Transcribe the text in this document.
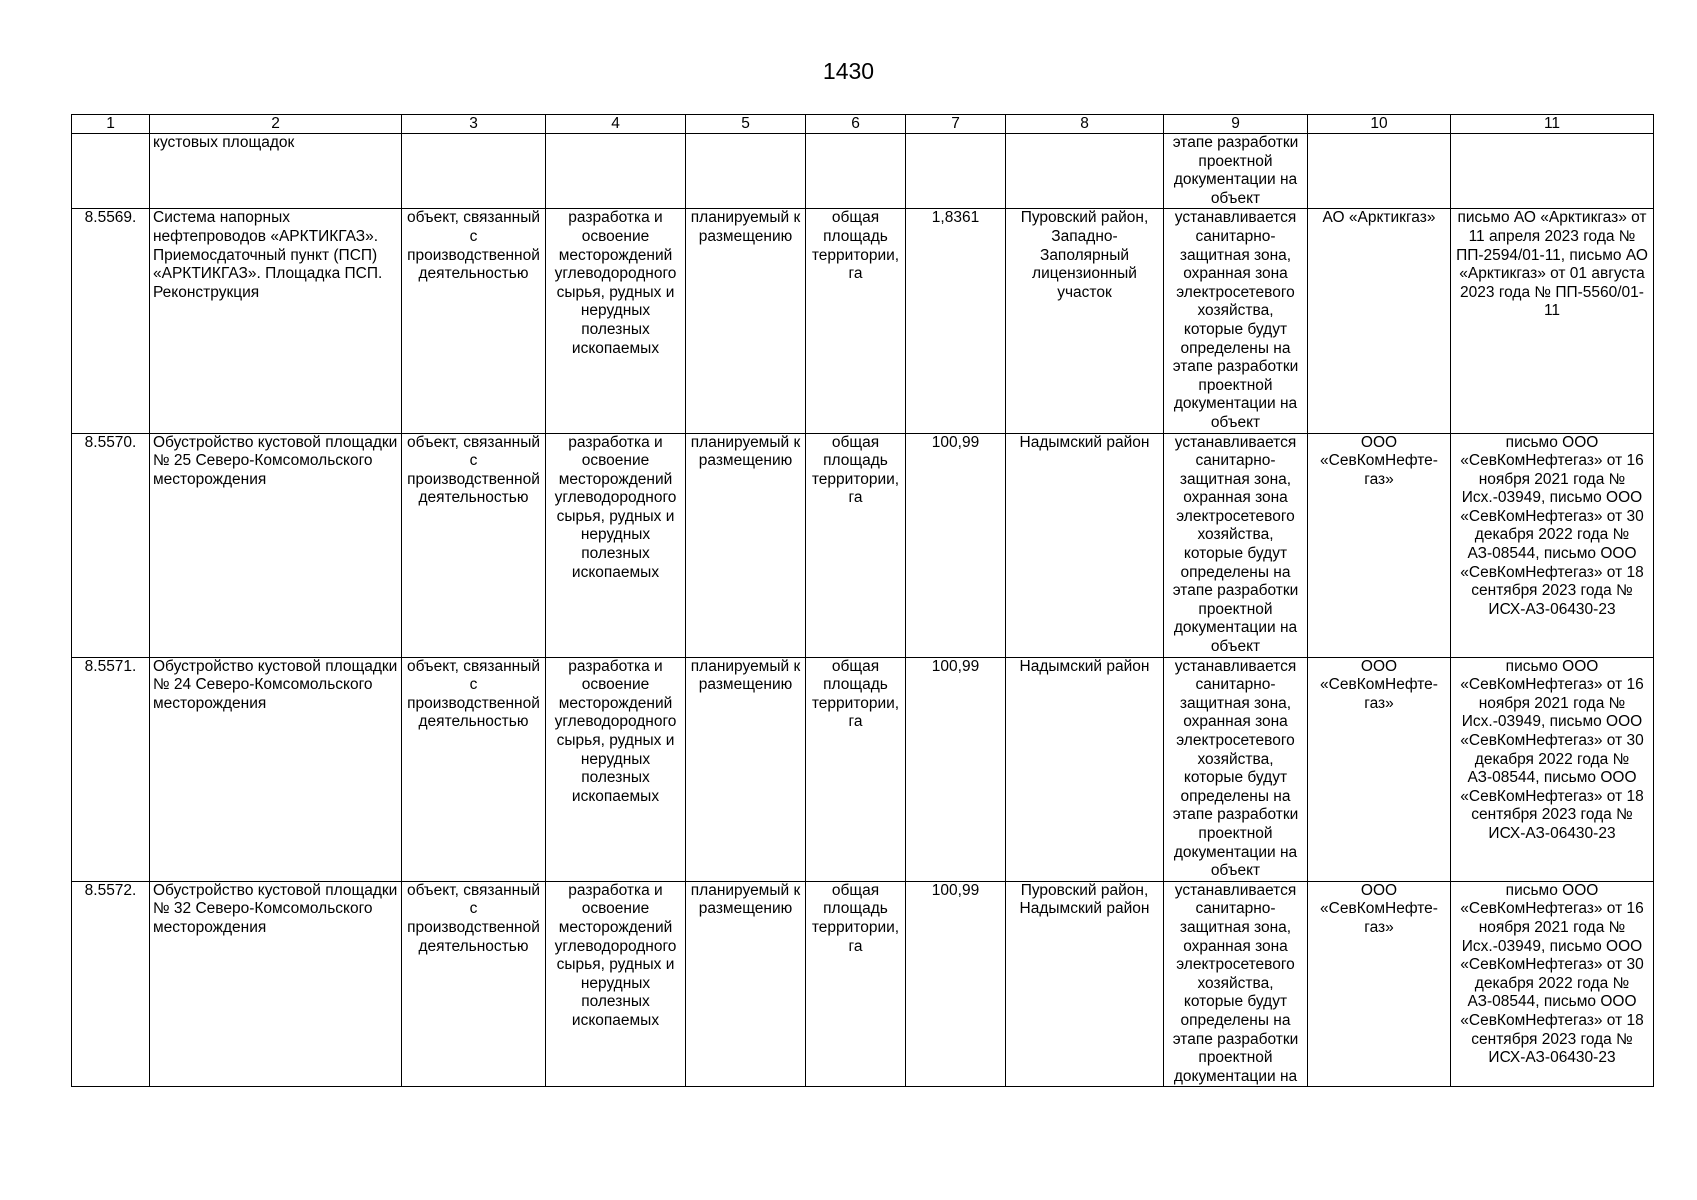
1430
1	2	3	4	5	6	7	8	9	10	11
	кустовых площадок							этапе разработки проектной документации на объект		
8.5569.	Система напорных нефтепроводов «АРКТИКГАЗ». Приемосдаточный пункт (ПСП) «АРКТИКГАЗ». Площадка ПСП. Реконструкция	объект, связанный с производственной деятельностью	разработка и освоение месторождений углеводородного сырья, рудных и нерудных полезных ископаемых	планируемый к размещению	общая площадь территории, га	1,8361	Пуровский район, Западно-Заполярный лицензионный участок	устанавливается санитарно-защитная зона, охранная зона электросетевого хозяйства, которые будут определены на этапе разработки проектной документации на объект	АО «Арктикгаз»	письмо АО «Арктикгаз» от 11 апреля 2023 года № ПП-2594/01-11, письмо АО «Арктикгаз» от 01 августа 2023 года № ПП-5560/01-11
8.5570.	Обустройство кустовой площадки № 25 Северо-Комсомольского месторождения	объект, связанный с производственной деятельностью	разработка и освоение месторождений углеводородного сырья, рудных и нерудных полезных ископаемых	планируемый к размещению	общая площадь территории, га	100,99	Надымский район	устанавливается санитарно-защитная зона, охранная зона электросетевого хозяйства, которые будут определены на этапе разработки проектной документации на объект	ООО «СевКомНефте-газ»	письмо ООО «СевКомНефтегаз» от 16 ноября 2021 года № Исх.-03949, письмо ООО «СевКомНефтегаз» от 30 декабря 2022 года № АЗ-08544, письмо ООО «СевКомНефтегаз» от 18 сентября 2023 года № ИСХ-АЗ-06430-23
8.5571.	Обустройство кустовой площадки № 24 Северо-Комсомольского месторождения	объект, связанный с производственной деятельностью	разработка и освоение месторождений углеводородного сырья, рудных и нерудных полезных ископаемых	планируемый к размещению	общая площадь территории, га	100,99	Надымский район	устанавливается санитарно-защитная зона, охранная зона электросетевого хозяйства, которые будут определены на этапе разработки проектной документации на объект	ООО «СевКомНефте-газ»	письмо ООО «СевКомНефтегаз» от 16 ноября 2021 года № Исх.-03949, письмо ООО «СевКомНефтегаз» от 30 декабря 2022 года № АЗ-08544, письмо ООО «СевКомНефтегаз» от 18 сентября 2023 года № ИСХ-АЗ-06430-23
8.5572.	Обустройство кустовой площадки № 32 Северо-Комсомольского месторождения	объект, связанный с производственной деятельностью	разработка и освоение месторождений углеводородного сырья, рудных и нерудных полезных ископаемых	планируемый к размещению	общая площадь территории, га	100,99	Пуровский район, Надымский район	устанавливается санитарно-защитная зона, охранная зона электросетевого хозяйства, которые будут определены на этапе разработки проектной документации на	ООО «СевКомНефте-газ»	письмо ООО «СевКомНефтегаз» от 16 ноября 2021 года № Исх.-03949, письмо ООО «СевКомНефтегаз» от 30 декабря 2022 года № АЗ-08544, письмо ООО «СевКомНефтегаз» от 18 сентября 2023 года № ИСХ-АЗ-06430-23
